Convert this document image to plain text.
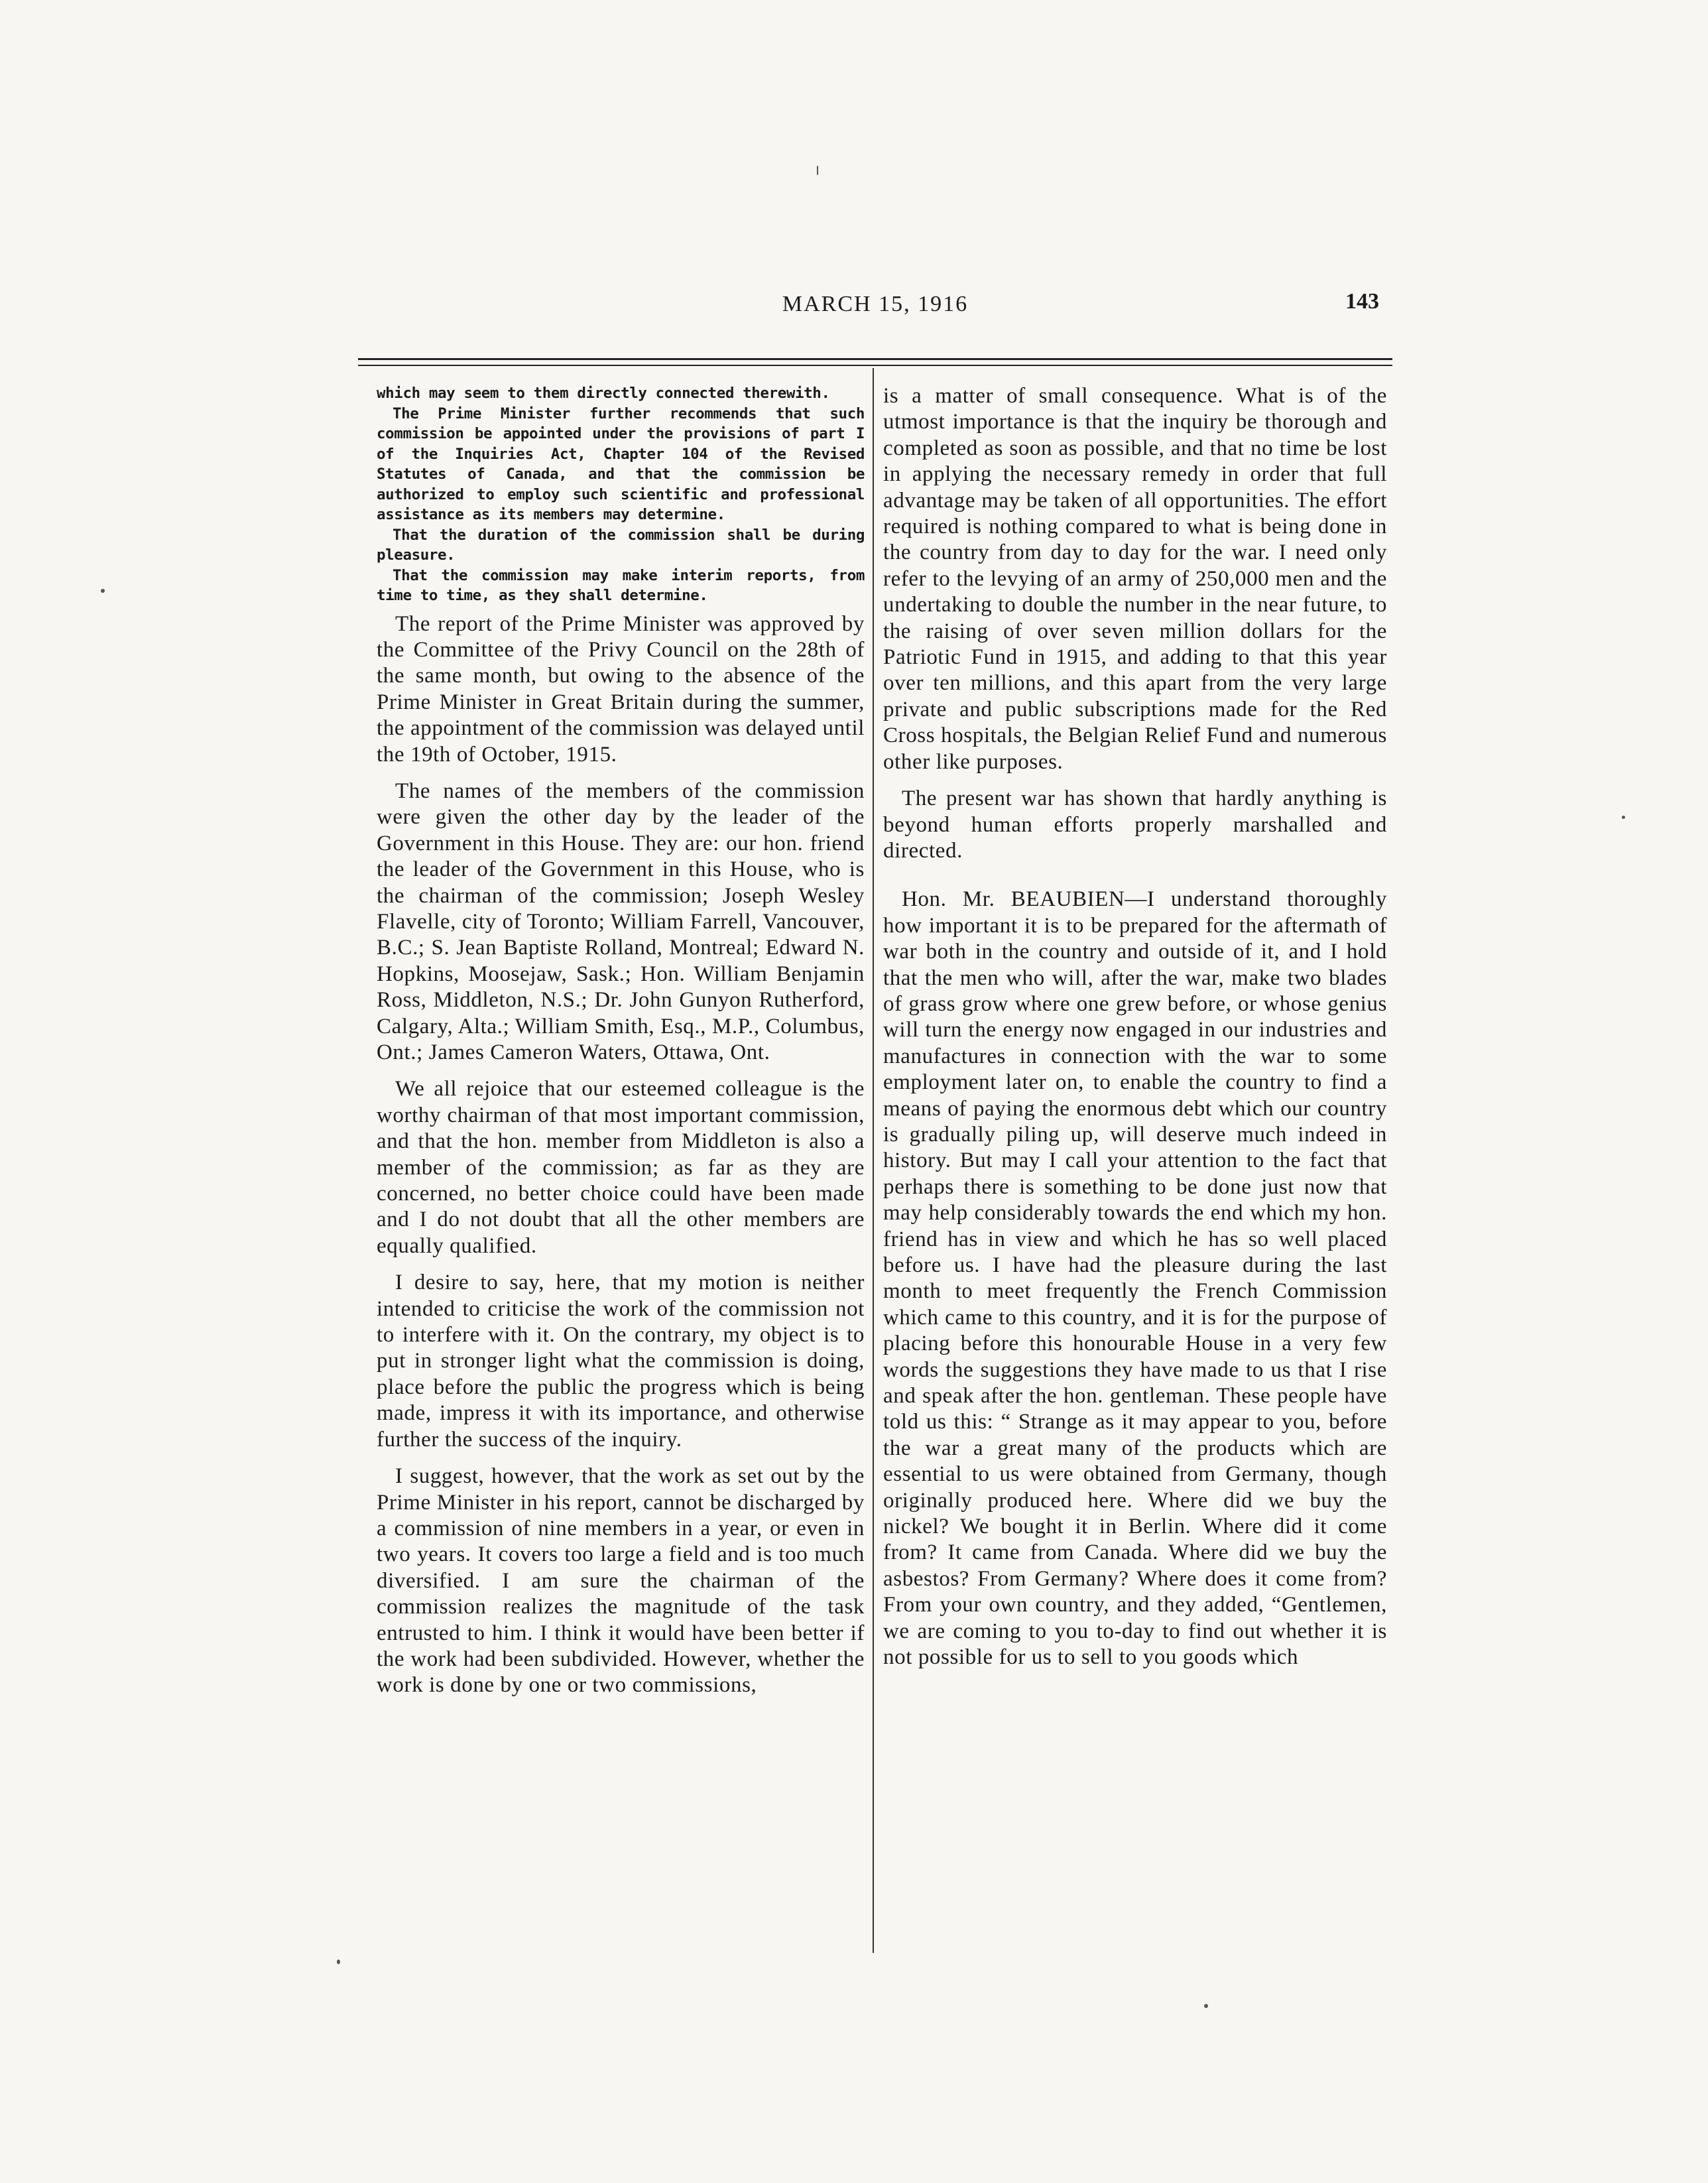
MARCH 15, 1916	143

which may seem to them directly connected therewith.

The Prime Minister further recommends that such commission be appointed under the provisions of part I of the Inquiries Act, Chapter 104 of the Revised Statutes of Canada, and that the commission be authorized to employ such scientific and professional assistance as its members may determine.

That the duration of the commission shall be during pleasure.

That the commission may make interim reports, from time to time, as they shall determine.

The report of the Prime Minister was approved by the Committee of the Privy Council on the 28th of the same month, but owing to the absence of the Prime Minister in Great Britain during the summer, the appointment of the commission was delayed until the 19th of October, 1915.

The names of the members of the commission were given the other day by the leader of the Government in this House. They are: our hon. friend the leader of the Government in this House, who is the chairman of the commission; Joseph Wesley Flavelle, city of Toronto; William Farrell, Vancouver, B.C.; S. Jean Baptiste Rolland, Montreal; Edward N. Hopkins, Moosejaw, Sask.; Hon. William Benjamin Ross, Middleton, N.S.; Dr. John Gunyon Rutherford, Calgary, Alta.; William Smith, Esq., M.P., Columbus, Ont.; James Cameron Waters, Ottawa, Ont.

We all rejoice that our esteemed colleague is the worthy chairman of that most important commission, and that the hon. member from Middleton is also a member of the commission; as far as they are concerned, no better choice could have been made and I do not doubt that all the other members are equally qualified.

I desire to say, here, that my motion is neither intended to criticise the work of the commission not to interfere with it. On the contrary, my object is to put in stronger light what the commission is doing, place before the public the progress which is being made, impress it with its importance, and otherwise further the success of the inquiry.

I suggest, however, that the work as set out by the Prime Minister in his report, cannot be discharged by a commission of nine members in a year, or even in two years. It covers too large a field and is too much diversified. I am sure the chairman of the commission realizes the magnitude of the task entrusted to him. I think it would have been better if the work had been subdivided. However, whether the work is done by one or two commissions,

is a matter of small consequence. What is of the utmost importance is that the inquiry be thorough and completed as soon as possible, and that no time be lost in applying the necessary remedy in order that full advantage may be taken of all opportunities. The effort required is nothing compared to what is being done in the country from day to day for the war. I need only refer to the levying of an army of 250,000 men and the undertaking to double the number in the near future, to the raising of over seven million dollars for the Patriotic Fund in 1915, and adding to that this year over ten millions, and this apart from the very large private and public subscriptions made for the Red Cross hospitals, the Belgian Relief Fund and numerous other like purposes.

The present war has shown that hardly anything is beyond human efforts properly marshalled and directed.

Hon. Mr. BEAUBIEN—I understand thoroughly how important it is to be prepared for the aftermath of war both in the country and outside of it, and I hold that the men who will, after the war, make two blades of grass grow where one grew before, or whose genius will turn the energy now engaged in our industries and manufactures in connection with the war to some employment later on, to enable the country to find a means of paying the enormous debt which our country is gradually piling up, will deserve much indeed in history. But may I call your attention to the fact that perhaps there is something to be done just now that may help considerably towards the end which my hon. friend has in view and which he has so well placed before us. I have had the pleasure during the last month to meet frequently the French Commission which came to this country, and it is for the purpose of placing before this honourable House in a very few words the suggestions they have made to us that I rise and speak after the hon. gentleman. These people have told us this: “ Strange as it may appear to you, before the war a great many of the products which are essential to us were obtained from Germany, though originally produced here. Where did we buy the nickel? We bought it in Berlin. Where did it come from? It came from Canada. Where did we buy the asbestos? From Germany? Where does it come from? From your own country, and they added, “Gentlemen, we are coming to you to-day to find out whether it is not possible for us to sell to you goods which
